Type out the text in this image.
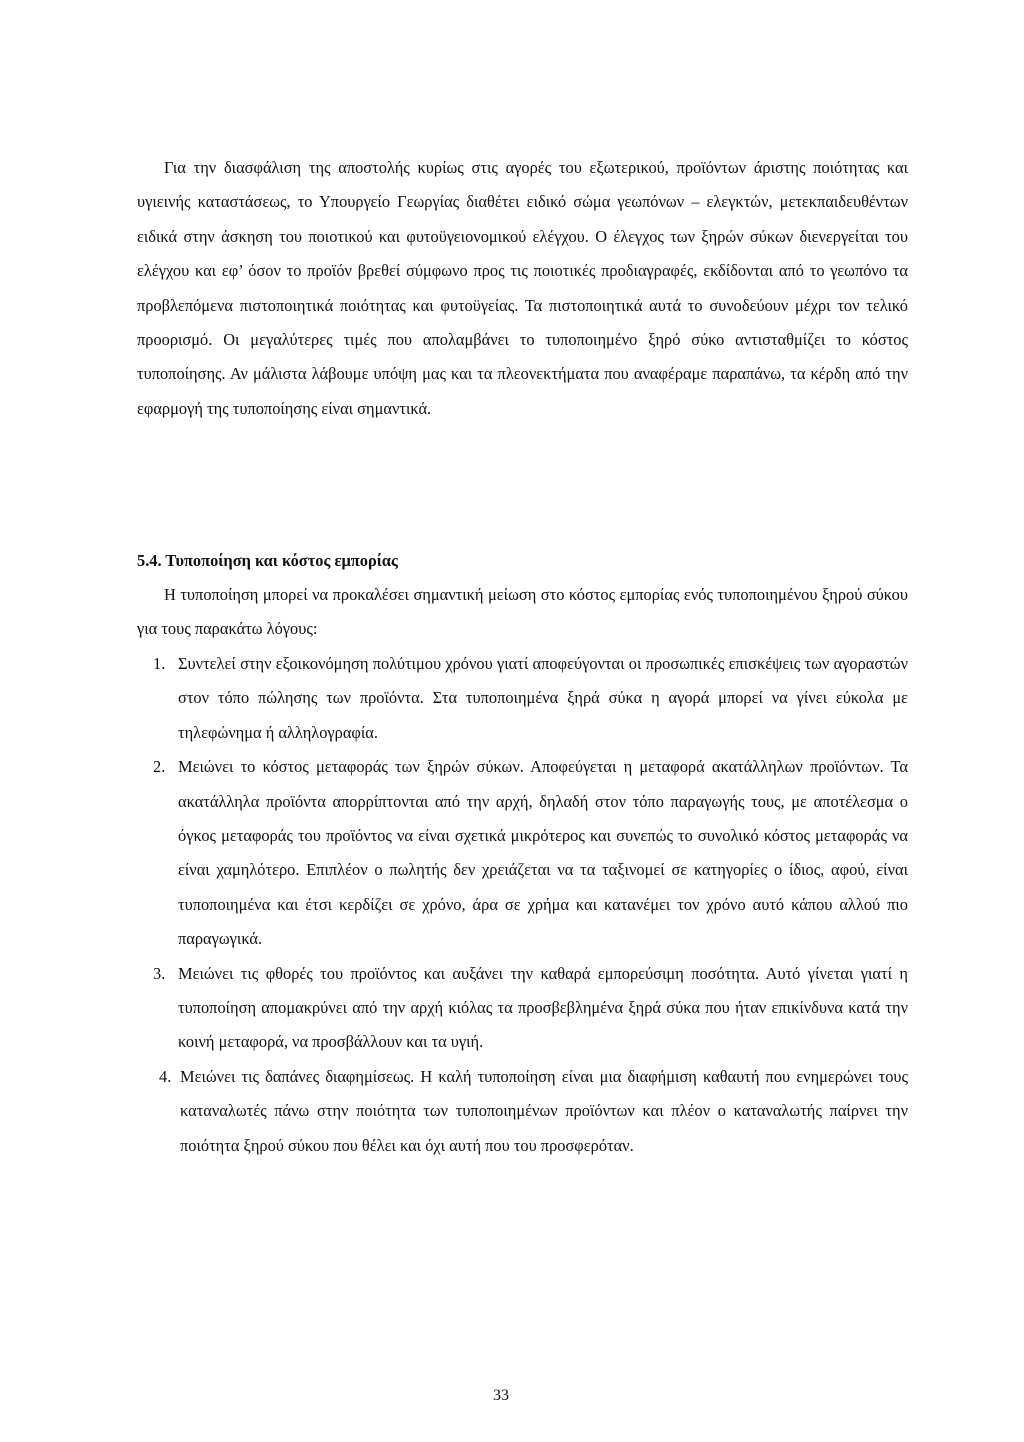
Για την διασφάλιση της αποστολής κυρίως στις αγορές του εξωτερικού, προϊόντων άριστης ποιότητας και υγιεινής καταστάσεως, το Υπουργείο Γεωργίας διαθέτει ειδικό σώμα γεωπόνων – ελεγκτών, μετεκπαιδευθέντων ειδικά στην άσκηση του ποιοτικού και φυτοϋγειονομικού ελέγχου. Ο έλεγχος των ξηρών σύκων διενεργείται του ελέγχου και εφ’ όσον το προϊόν βρεθεί σύμφωνο προς τις ποιοτικές προδιαγραφές, εκδίδονται από το γεωπόνο τα προβλεπόμενα πιστοποιητικά ποιότητας και φυτοϋγείας. Τα πιστοποιητικά αυτά το συνοδεύουν μέχρι τον τελικό προορισμό. Οι μεγαλύτερες τιμές που απολαμβάνει το τυποποιημένο ξηρό σύκο αντισταθμίζει το κόστος τυποποίησης. Αν μάλιστα λάβουμε υπόψη μας και τα πλεονεκτήματα που αναφέραμε παραπάνω, τα κέρδη από την εφαρμογή της τυποποίησης είναι σημαντικά.

5.4. Τυποποίηση και κόστος εμπορίας

Η τυποποίηση μπορεί να προκαλέσει σημαντική μείωση στο κόστος εμπορίας ενός τυποποιημένου ξηρού σύκου για τους παρακάτω λόγους:

1. Συντελεί στην εξοικονόμηση πολύτιμου χρόνου γιατί αποφεύγονται οι προσωπικές επισκέψεις των αγοραστών στον τόπο πώλησης των προϊόντα. Στα τυποποιημένα ξηρά σύκα η αγορά μπορεί να γίνει εύκολα με τηλεφώνημα ή αλληλογραφία.
2. Μειώνει το κόστος μεταφοράς των ξηρών σύκων. Αποφεύγεται η μεταφορά ακατάλληλων προϊόντων. Τα ακατάλληλα προϊόντα απορρίπτονται από την αρχή, δηλαδή στον τόπο παραγωγής τους, με αποτέλεσμα ο όγκος μεταφοράς του προϊόντος να είναι σχετικά μικρότερος και συνεπώς το συνολικό κόστος μεταφοράς να είναι χαμηλότερο. Επιπλέον ο πωλητής δεν χρειάζεται να τα ταξινομεί σε κατηγορίες ο ίδιος, αφού, είναι τυποποιημένα και έτσι κερδίζει σε χρόνο, άρα σε χρήμα και κατανέμει τον χρόνο αυτό κάπου αλλού πιο παραγωγικά.
3. Μειώνει τις φθορές του προϊόντος και αυξάνει την καθαρά εμπορεύσιμη ποσότητα. Αυτό γίνεται γιατί η τυποποίηση απομακρύνει από την αρχή κιόλας τα προσβεβλημένα ξηρά σύκα που ήταν επικίνδυνα κατά την κοινή μεταφορά, να προσβάλλουν και τα υγιή.
4. Μειώνει τις δαπάνες διαφημίσεως. Η καλή τυποποίηση είναι μια διαφήμιση καθαυτή που ενημερώνει τους καταναλωτές πάνω στην ποιότητα των τυποποιημένων προϊόντων και πλέον ο καταναλωτής παίρνει την ποιότητα ξηρού σύκου που θέλει και όχι αυτή που του προσφερόταν.
33
